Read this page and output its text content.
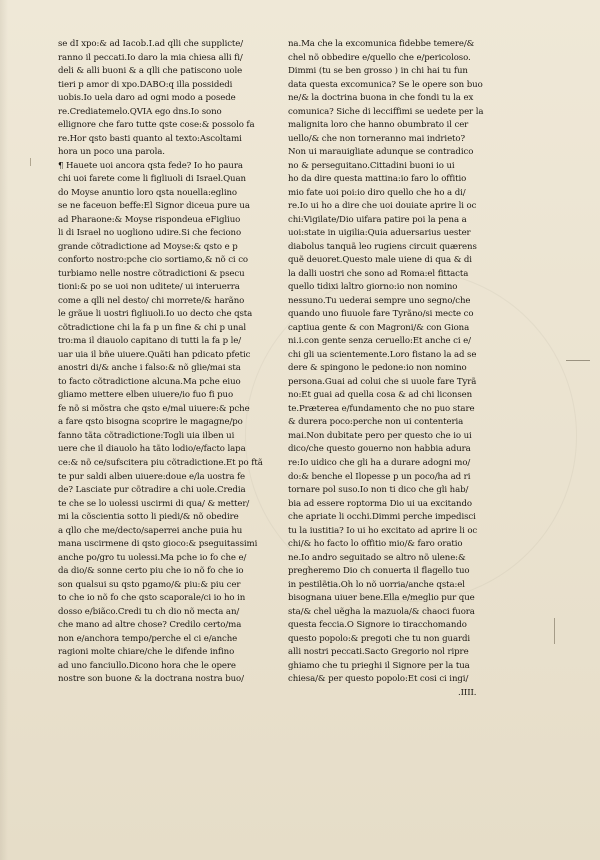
se dI xpo:& ad Iacob.I.ad qlli che supplicte/
ranno il peccati.Io daro la mia chiesa alli fi/
deli & alli buoni & a qlli che patiscono uole
tieri p amor di xpo.DABO:q illa possidedi
uobis.Io uela daro ad ogni modo a posede
re.Crediatemelo.QVIA ego dns.Io sono
ellignore che faro tutte qste cose:& possolo fa
re.Hor qsto basti quanto al texto:Ascoltami
hora un poco una parola.
¶ Hauete uoi ancora qsta fede? Io ho paura
chi uoi farete come li figliuoli di Israel.Quan
do Moyse anuntio loro qsta nouella:eglino
se ne faceuon beffe:El Signor diceua pure ua
ad Pharaone:& Moyse rispondeua eFigliuo
li di Israel no uogliono udire.Si che feciono
grande cõtradictione ad Moyse:& qsto e p
conforto nostro:pche cio sortiamo,& nõ ci co
turbiamo nelle nostre cõtradictioni & psecu
tioni:& po se uoi non uditete/ ui interuerra
come a qlli nel desto/ chi morrete/& harãno
le grãue li uostri figliuoli.Io uo decto che qsta
cõtradictione chi la fa p un fine & chi p unal
tro:ma il diauolo capitano di tutti la fa p le/
uar uia il bñe uiuere.Quãti han pdicato pfetic
anostri di/& anche i falso:& nõ glie/mai sta
to facto cõtradictione alcuna.Ma pche eiuo
gliamo mettere elben uiuere/io fuo fi puo
fe nõ si mõstra che qsto e/mal uiuere:& pche
a fare qsto bisogna scoprire le magagne/po
fanno tãta cõtradictione:Togli uia ilben ui
uere che il diauolo ha tãto lodio/e/facto lapa
ce:& nõ ce/sufscitera piu cõtradictione.Et po ftã
te pur saldi alben uiuere:doue e/la uostra fe
de? Lasciate pur cõtradire a chi uole.Credia
te che se lo uolessi uscirmi di qua/ & metter/
mi la cõscientia sotto li piedi/& nõ obedire
a qllo che me/decto/saperrei anche puia hu
mana uscirmene di qsto gioco:& pseguitassimi
anche po/gro tu uolessi.Ma pche io fo che e/
da dio/& sonne certo piu che io nõ fo che io
son qualsui su qsto pgamo/& piu:& piu cer
to che io nõ fo che qsto scaporale/ci io ho in
dosso e/biãco.Credi tu ch dio nõ mecta an/
che mano ad altre chose? Credilo certo/ma
non e/anchora tempo/perche el ci e/anche
ragioni molte chiare/che le difende infino
ad uno fanciullo.Dicono hora che le opere
nostre son buone & la doctrana nostra buo/
na.Ma che la excomunica fidebbe temere/&
chel nõ obbedire e/quello che e/pericoloso.
Dimmi (tu se ben grosso ) in chi hai tu fun
data questa excomunica? Se le opere son buo
ne/& la doctrina buona in che fondi tu la ex
comunica? Siche di lecciffimi se uedete per la
malignita loro che hanno obumbrato il cer
uello/& che non torneranno mai indrieto?
Non ui marauigliate adunque se contradico
no & perseguitano.Cittadini buoni io ui
ho da dire questa mattina:io faro lo offitio
mio fate uoi poi:io diro quello che ho a di/
re.Io ui ho a dire che uoi douiate aprire li oc
chi:Vigilate/Dio uifara patire poi la pena a
uoi:state in uigilia:Quia aduersarius uester
diabolus tanquã leo rugiens circuit quærens
quẽ deuoret.Questo male uiene di qua & di
la dalli uostri che sono ad Roma:el fittacta
quello tidixi laltro giorno:io non nomino
nessuno.Tu uederai sempre uno segno/che
quando uno fiuuole fare Tyrãno/si mecte co
captiua gente & con Magroni/& con Giona
ni.i.con gente senza ceruello:Et anche ci e/
chi gli ua scientemente.Loro fistano la ad se
dere & spingono le pedone:io non nomino
persona.Guai ad colui che si uuole fare Tyrã
no:Et guai ad quella cosa & ad chi liconsen
te.Præterea e/fundamento che no puo stare
& durera poco:perche non ui contenteria
mai.Non dubitate pero per questo che io ui
dico/che questo gouerno non habbia adura
re:Io uidico che gli ha a durare adogni mo/
do:& benche el Ilopesse p un poco/ha ad ri
tornare pol suso.Io non ti dico che gli hab/
bia ad essere roptorma Dio ui ua excitando
che apriate li occhi.Dimmi perche impedisci
tu la iustitia? Io ui ho excitato ad aprire li oc
chi/& ho facto lo offitio mio/& faro oratio
ne.Io andro seguitado se altro nõ ulene:&
pregheremo Dio ch conuerta il flagello tuo
in pestilẽtia.Oh lo nõ uorria/anche qsta:el
bisognana uiuer bene.Ella e/meglio pur que
sta/& chel uẽgha la mazuola/& chaoci fuora
questa feccia.O Signore io tiracchomando
questo popolo:& pregoti che tu non guardi
alli nostri peccati.Sacto Gregorio nol ripre
ghiamo che tu prieghi il Signore per la tua
chiesa/& per questo popolo:Et cosi ci ingi/
.IIII.
